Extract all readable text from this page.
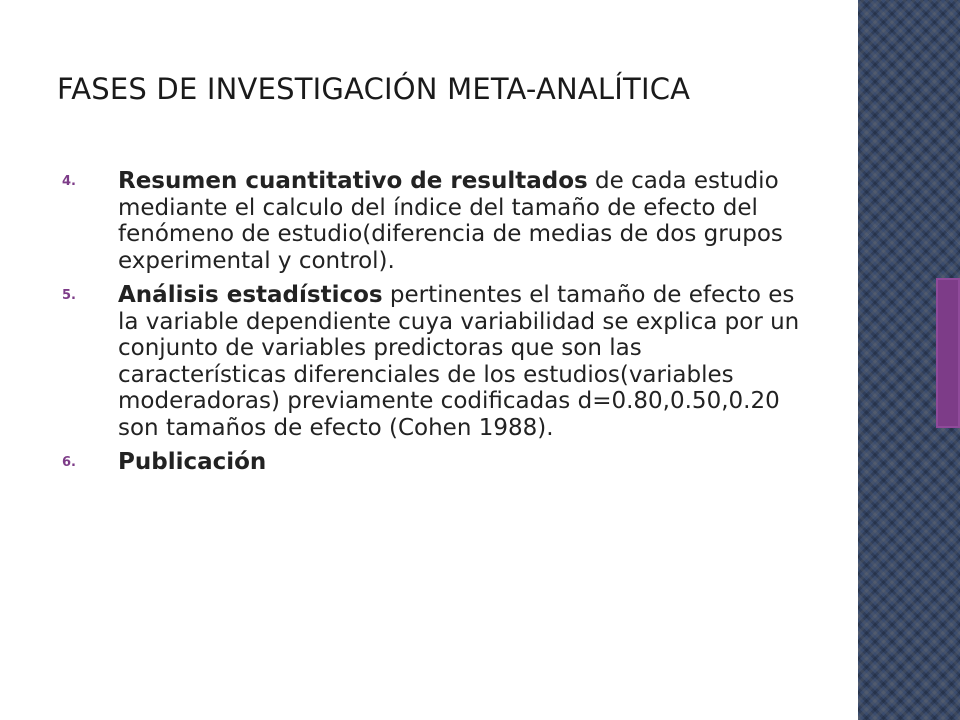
FASES DE INVESTIGACIÓN META-ANALÍTICA

4.	Resumen cuantitativo de resultados de cada estudio mediante el calculo del índice del tamaño de efecto del fenómeno de estudio(diferencia de medias de dos grupos experimental y control).

5.	Análisis estadísticos pertinentes el tamaño de efecto es la variable dependiente cuya variabilidad se explica por un conjunto de variables predictoras que son las características diferenciales de los estudios(variables moderadoras) previamente codificadas d=0.80,0.50,0.20 son tamaños de efecto (Cohen 1988).

6.	Publicación
